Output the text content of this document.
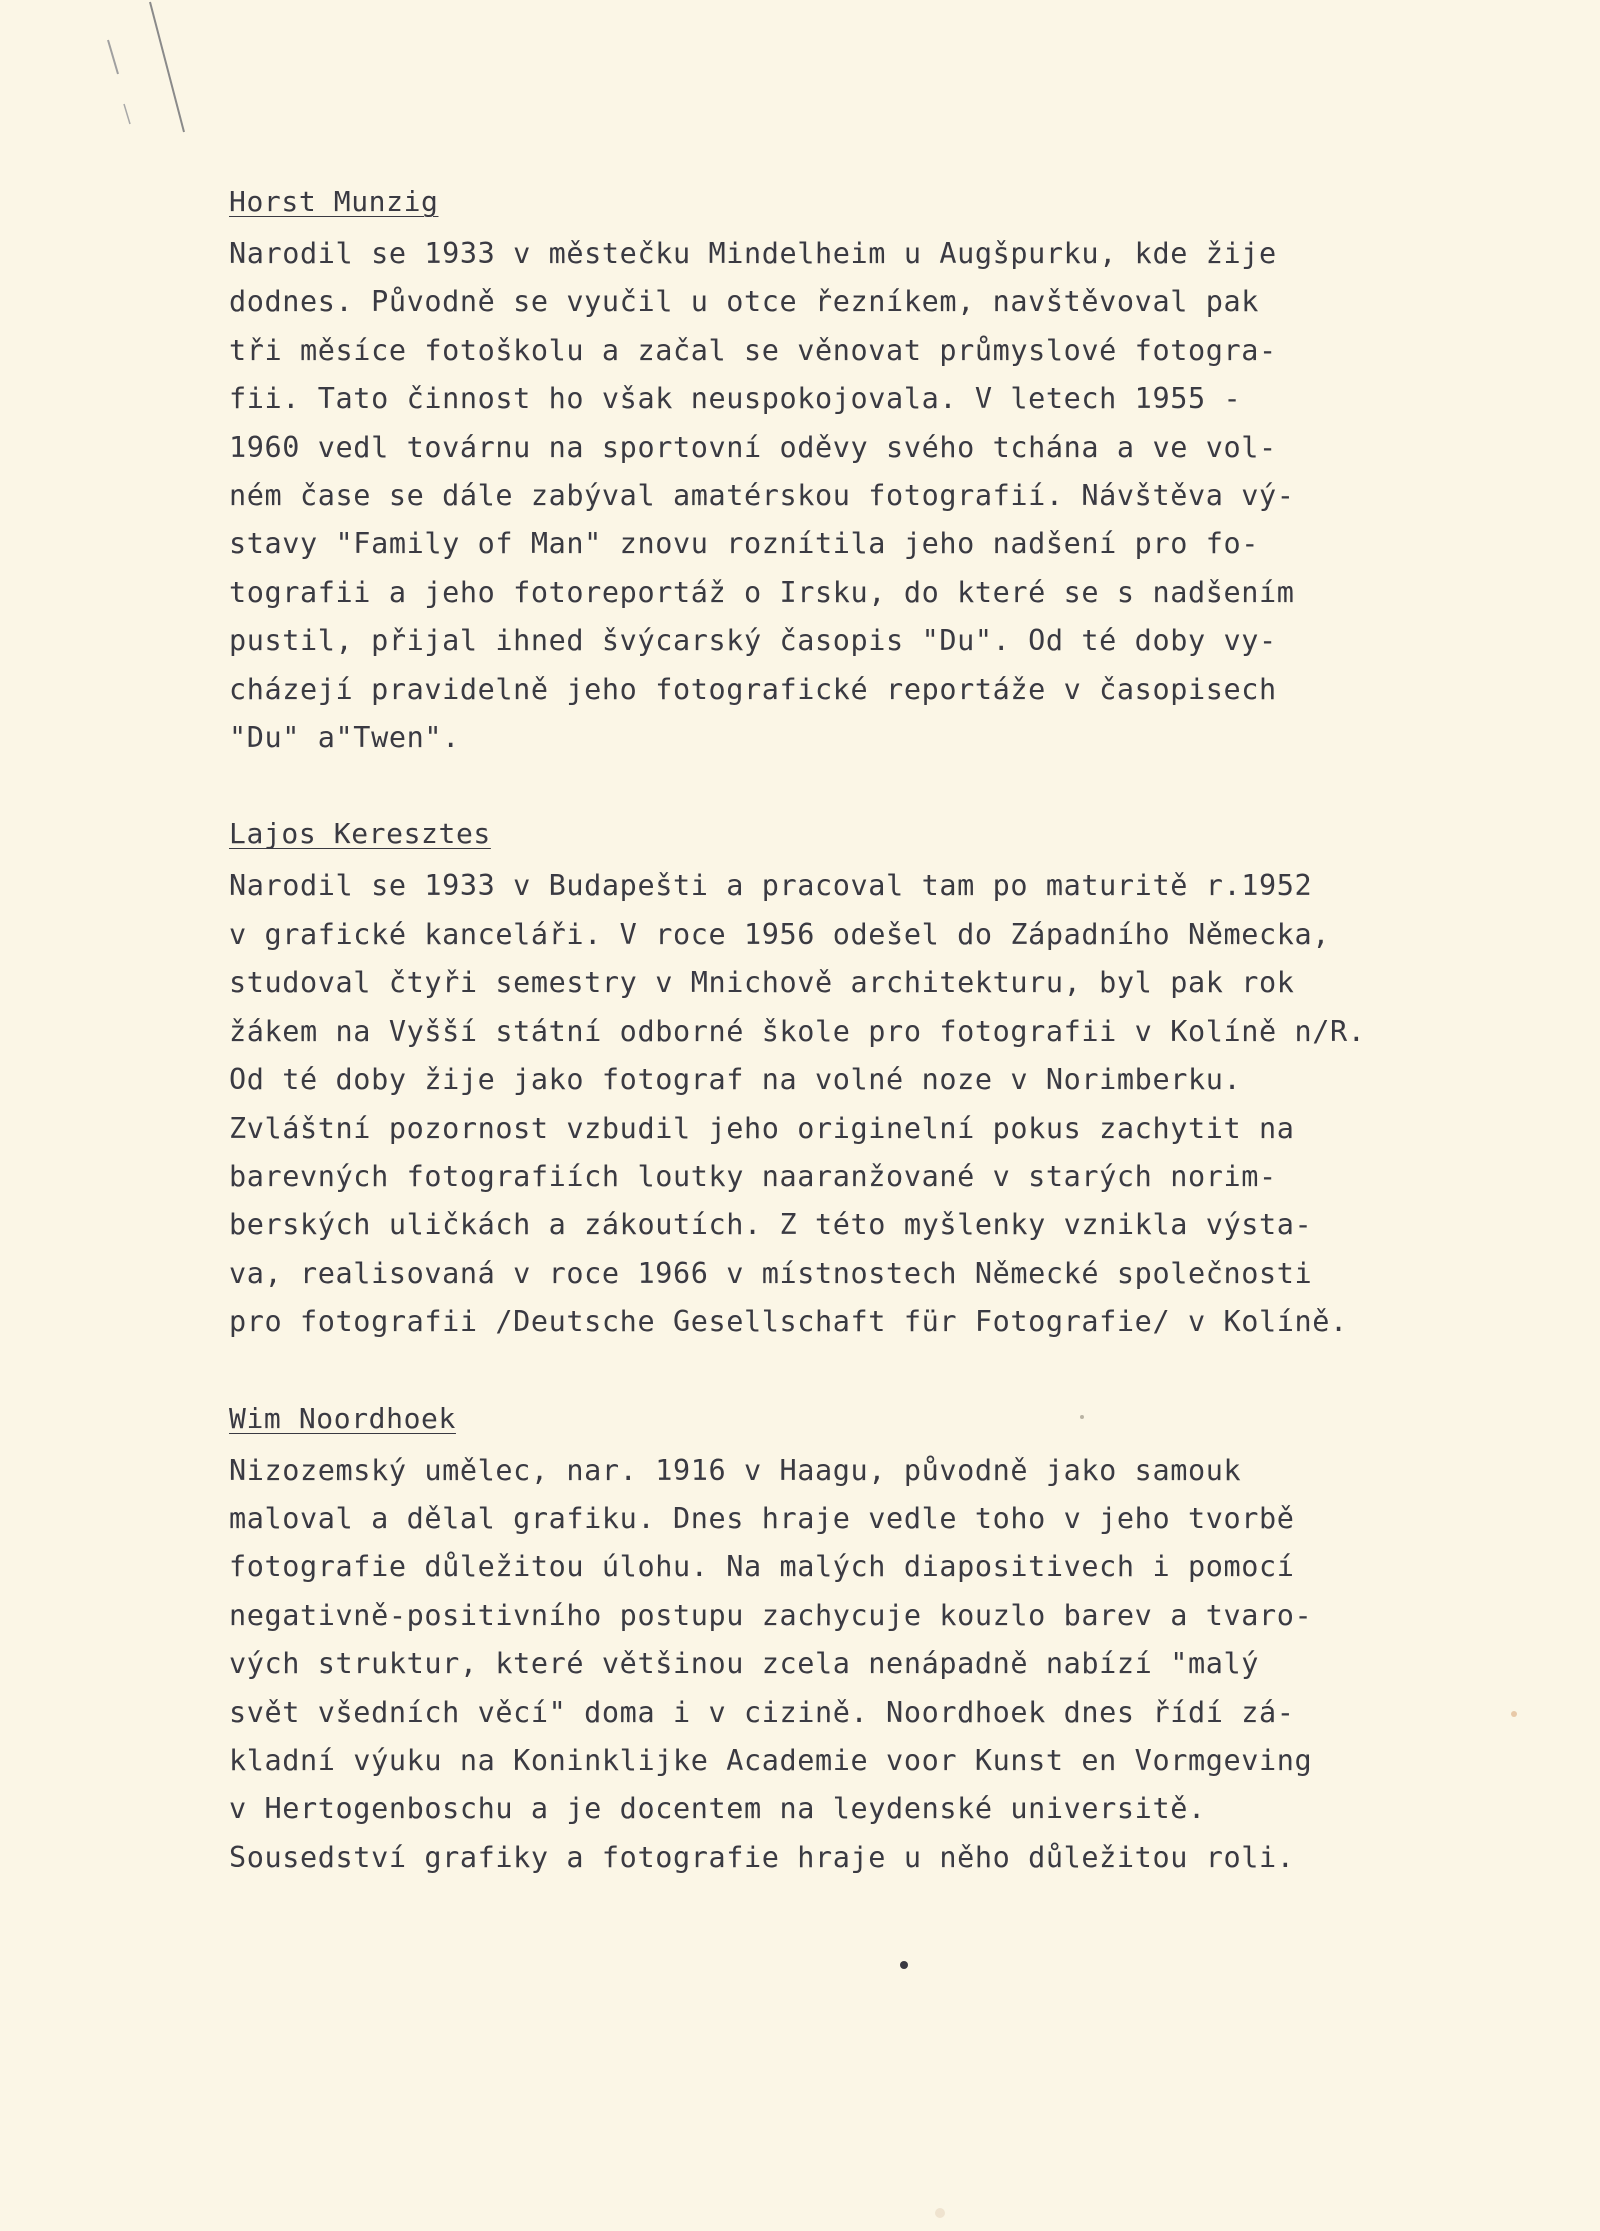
Horst Munzig

Narodil se 1933 v městečku Mindelheim u Augšpurku, kde žije

dodnes. Původně se vyučil u otce řezníkem, navštěvoval pak

tři měsíce fotoškolu a začal se věnovat průmyslové fotogra-

fii. Tato činnost ho však neuspokojovala. V letech 1955 -

1960 vedl továrnu na sportovní oděvy svého tchána a ve vol-

ném čase se dále zabýval amatérskou fotografií. Návštěva vý-

stavy "Family of Man" znovu roznítila jeho nadšení pro fo-

tografii a jeho fotoreportáž o Irsku, do které se s nadšením

pustil, přijal ihned švýcarský časopis "Du". Od té doby vy-

cházejí pravidelně jeho fotografické reportáže v časopisech

"Du" a"Twen".

Lajos Keresztes

Narodil se 1933 v Budapešti a pracoval tam po maturitě r.1952

v grafické kanceláři. V roce 1956 odešel do Západního Německa,

studoval čtyři semestry v Mnichově architekturu, byl pak rok

žákem na Vyšší státní odborné škole pro fotografii v Kolíně n/R.

Od té doby žije jako fotograf na volné noze v Norimberku.

Zvláštní pozornost vzbudil jeho originelní pokus zachytit na

barevných fotografiích loutky naaranžované v starých norim-

berských uličkách a zákoutích. Z této myšlenky vznikla výsta-

va, realisovaná v roce 1966 v místnostech Německé společnosti

pro fotografii /Deutsche Gesellschaft für Fotografie/ v Kolíně.

Wim Noordhoek

Nizozemský umělec, nar. 1916 v Haagu, původně jako samouk

maloval a dělal grafiku. Dnes hraje vedle toho v jeho tvorbě

fotografie důležitou úlohu. Na malých diapositivech i pomocí

negativně-positivního postupu zachycuje kouzlo barev a tvaro-

vých struktur, které většinou zcela nenápadně nabízí "malý

svět všedních věcí" doma i v cizině. Noordhoek dnes řídí zá-

kladní výuku na Koninklijke Academie voor Kunst en Vormgeving

v Hertogenboschu a je docentem na leydenské universitě.

Sousedství grafiky a fotografie hraje u něho důležitou roli.
